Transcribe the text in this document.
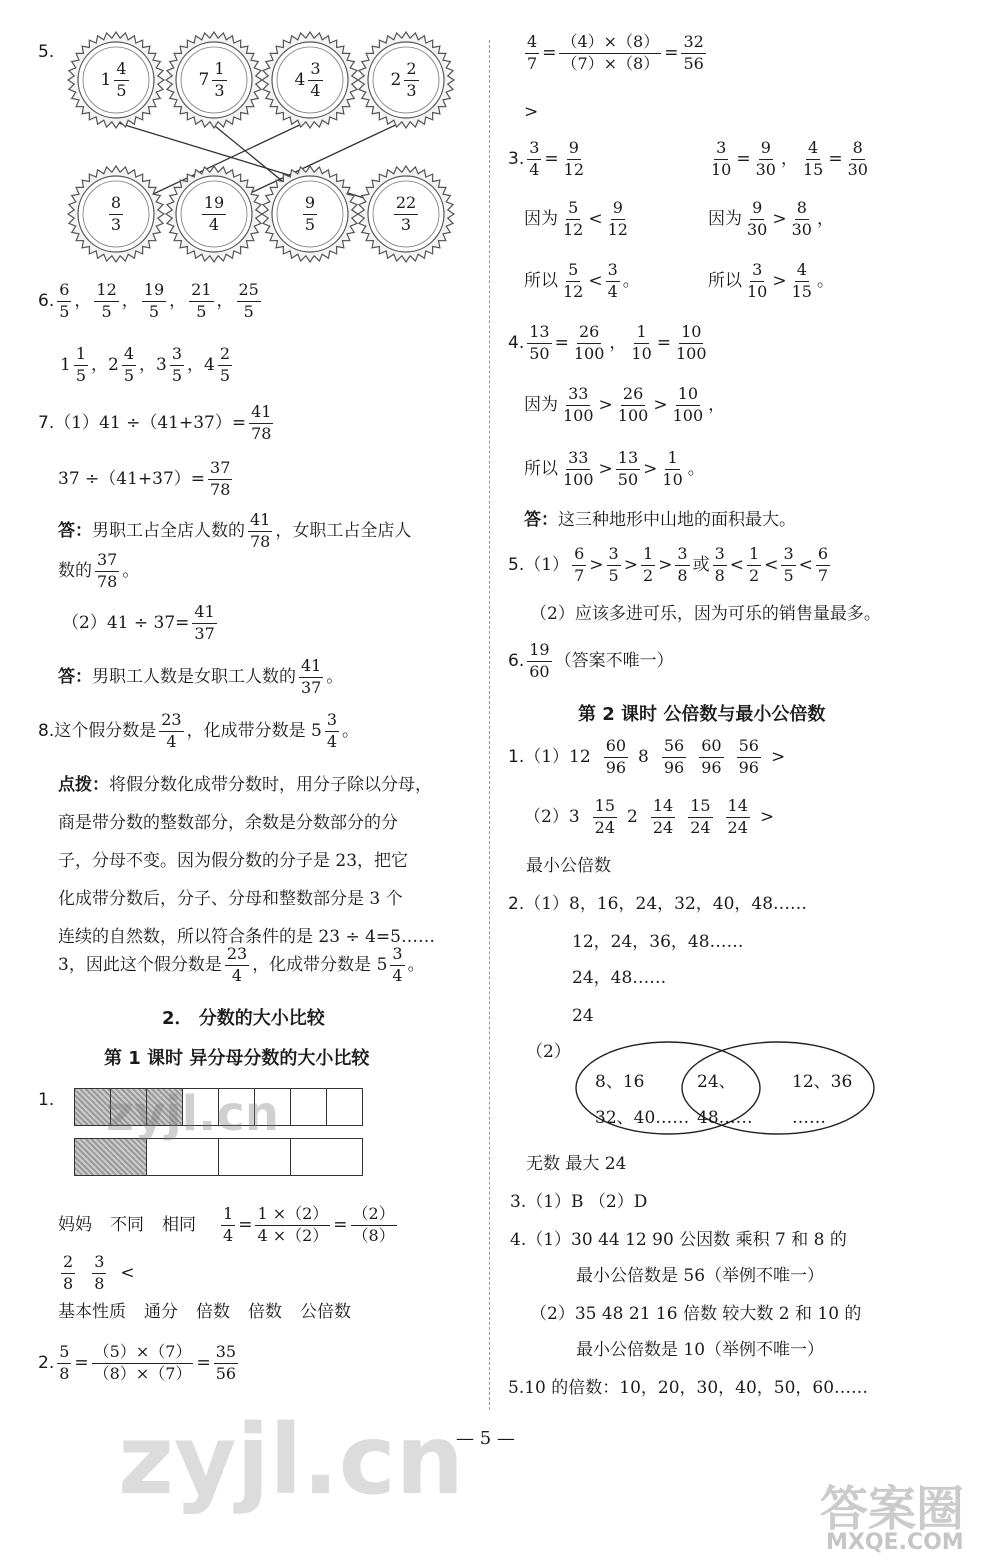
5.
$1 \frac{4}{5}$	$7 \frac{1}{3}$	$4 \frac{3}{4}$	$2 \frac{2}{3}$
$\frac{8}{3}$	$\frac{19}{4}$	$\frac{9}{5}$	$\frac{22}{3}$
6. $\frac{6}{5}$ ， $\frac{12}{5}$ ， $\frac{19}{5}$ ， $\frac{21}{5}$ ， $\frac{25}{5}$
$1 \frac{1}{5}$ ， $2 \frac{4}{5}$ ， $3 \frac{3}{5}$ ， $4 \frac{2}{5}$
7. $(1)41 \div(41+37)= \frac{41}{78}$
$37 \div(41+37)= \frac{37}{78}$
答： 男职工占全店人数的 $\frac{41}{78}$ ，女职工占全店人
数的 $\frac{37}{78}$ 。
$(2)41 \div 37= \frac{41}{37}$
答： 男职工人数是女职工人数的 $\frac{41}{37}$ 。
8. 这个假分数是 $\frac{23}{4}$ ，化成带分数是 $5 \frac{3}{4}$ 。
点拨：将假分数化成带分数时，用分子除以分母，
商是带分数的整数部分，余数是分数部分的分
子，分母不变。因为假分数的分子是 23，把它
化成带分数后，分子、分母和整数部分是 3 个
连续的自然数，所以符合条件的是 23 ÷ 4=5……
3，因此这个假分数是 $\frac{23}{4}$ ，化成带分数是 $5 \frac{3}{4}$ 。
2． 分数的大小比较
第 1 课时 异分母分数的大小比较
1.
妈妈 不同 相同 $\frac{1}{4} = \frac{1 \times(2)}{4 \times(2)} = \frac{(2)}{(8)}$
$\frac{2}{8} \frac{3}{8}$ <
基本性质 通分 倍数 倍数 公倍数
2. $\frac{5}{8} = \frac{(5)\times(7)}{(8)\times(7)} = \frac{35}{56}$
$\frac{4}{7} = \frac{(4)\times(8)}{(7)\times(8)} = \frac{32}{56}$
>
3. $\frac{3}{4} = \frac{9}{12}$	$\frac{3}{10} = \frac{9}{30}$ ， $\frac{4}{15} = \frac{8}{30}$
因为 $\frac{5}{12} < \frac{9}{12}$	因为 $\frac{9}{30} > \frac{8}{30}$ ，
所以 $\frac{5}{12} < \frac{3}{4}$ 。	所以 $\frac{3}{10} > \frac{4}{15}$ 。
4. $\frac{13}{50} = \frac{26}{100}$ ， $\frac{1}{10} = \frac{10}{100}$
因为 $\frac{33}{100} > \frac{26}{100} > \frac{10}{100}$ ，
所以 $\frac{33}{100} > \frac{13}{50} > \frac{1}{10}$ 。
答： 这三种地形中山地的面积最大。
5. $(1) \frac{6}{7} > \frac{3}{5} > \frac{1}{2} > \frac{3}{8}$ 或 $\frac{3}{8} < \frac{1}{2} < \frac{3}{5} < \frac{6}{7}$
（2）应该多进可乐，因为可乐的销售量最多。
6. $\frac{19}{60}$ （答案不唯一）
第 2 课时 公倍数与最小公倍数
1. $(1)12 \frac{60}{96} 8 \frac{56}{96} \frac{60}{96} \frac{56}{96}$ >
$(2)3 \frac{15}{24} 2 \frac{14}{24} \frac{15}{24} \frac{14}{24}$ >
最小公倍数
2. （1）8，16，24，32，40，48……
12，24，36，48……
24，48……
24
（2）
8、16
32、40……
24、
48……
12、36
……
无数 最大 24
3.（1）B （2）D
4.（1）30 44 12 90 公因数 乘积 7 和 8 的
最小公倍数是 56（举例不唯一）
（2）35 48 21 16 倍数 较大数 2 和 10 的
最小公倍数是 10（举例不唯一）
5.10 的倍数：10，20，30，40，50，60……
— 5 —
zyjl.cn
zyjl.cn	答案圈
MXQE.COM
